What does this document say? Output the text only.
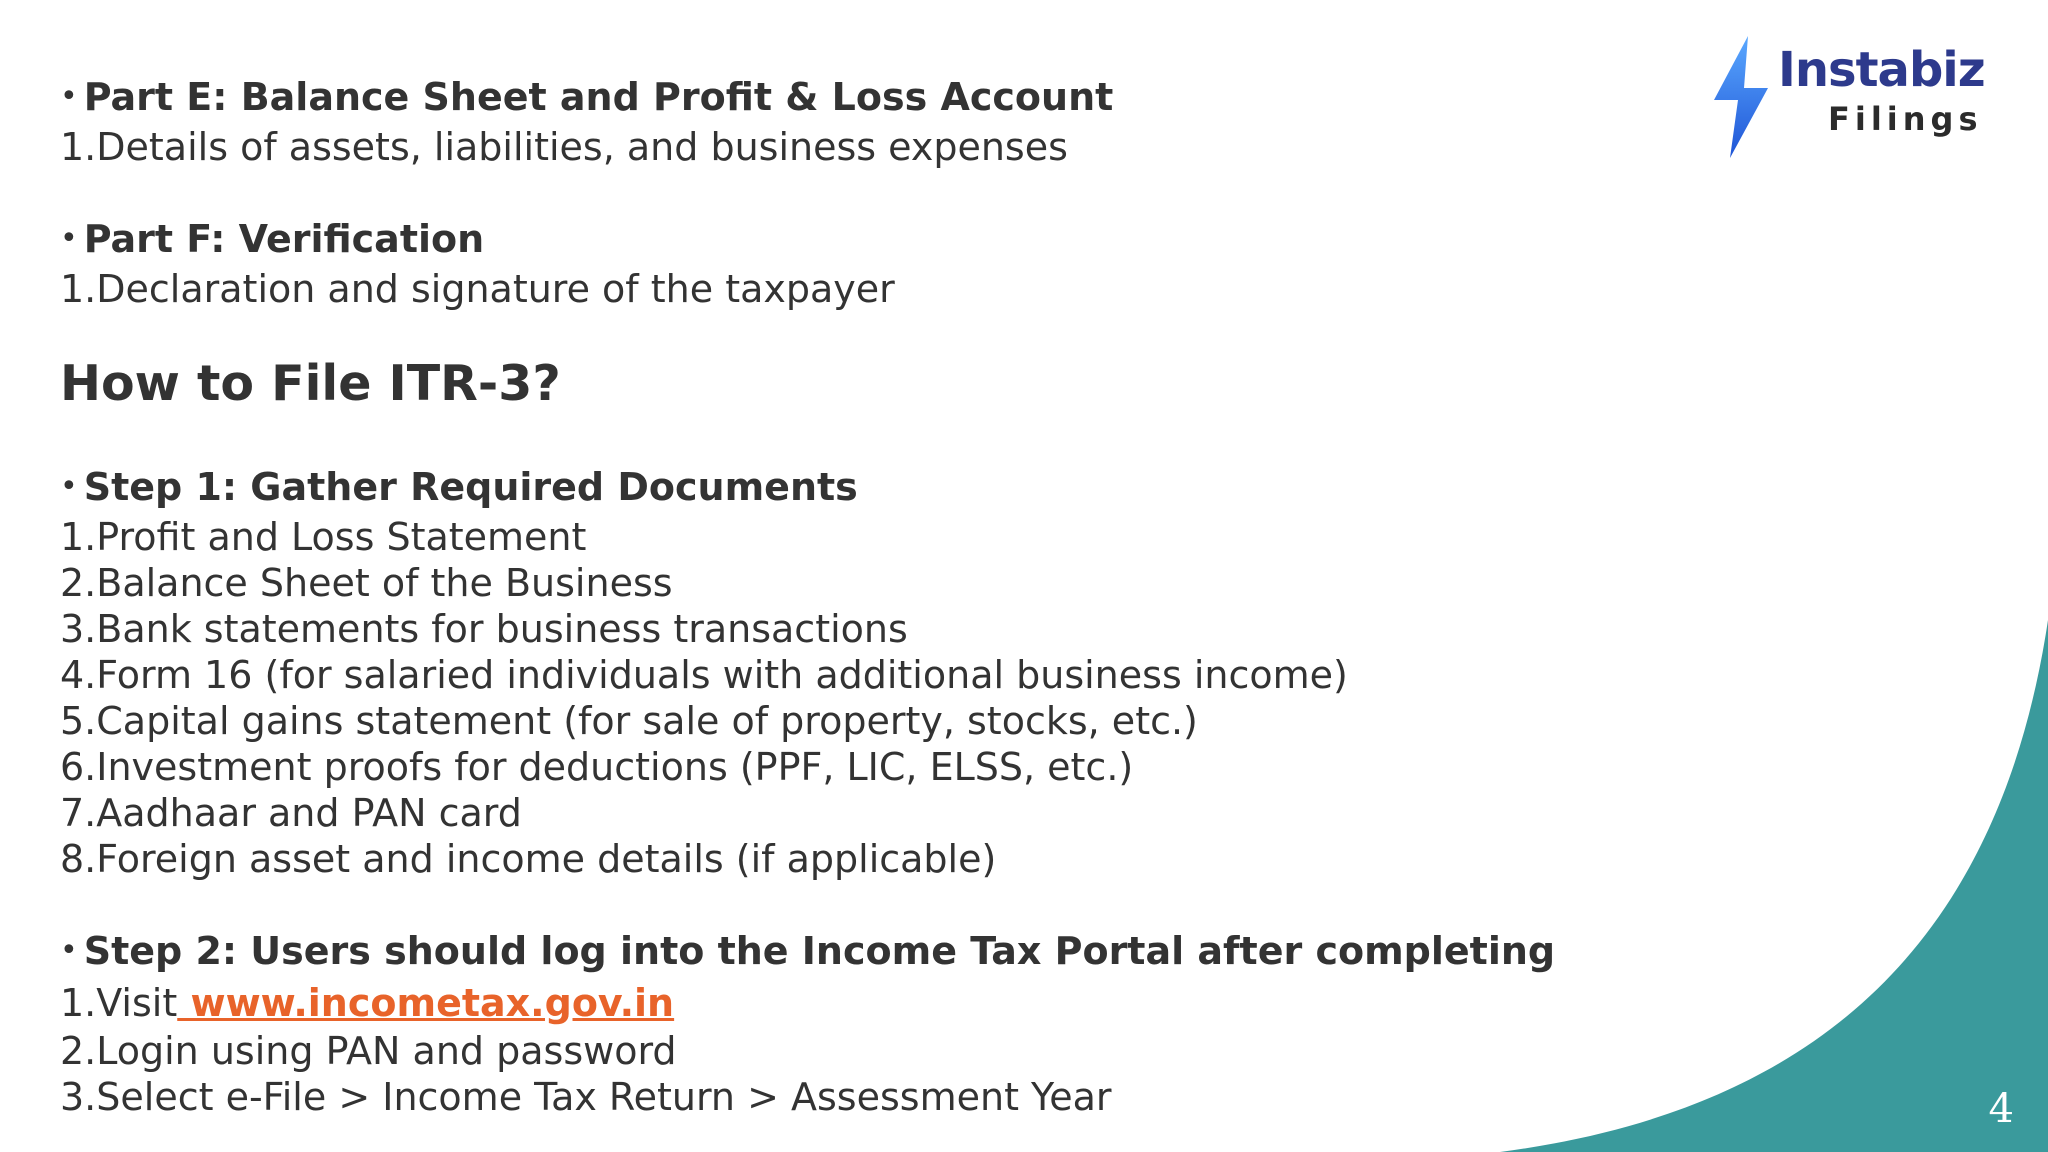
Instabiz
Filings
• Part E: Balance Sheet and Profit & Loss Account
1.Details of assets, liabilities, and business expenses
• Part F: Verification
1.Declaration and signature of the taxpayer
How to File ITR-3?
• Step 1: Gather Required Documents
1.Profit and Loss Statement
2.Balance Sheet of the Business
3.Bank statements for business transactions
4.Form 16 (for salaried individuals with additional business income)
5.Capital gains statement (for sale of property, stocks, etc.)
6.Investment proofs for deductions (PPF, LIC, ELSS, etc.)
7.Aadhaar and PAN card
8.Foreign asset and income details (if applicable)
• Step 2: Users should log into the Income Tax Portal after completing
1.Visit www.incometax.gov.in
2.Login using PAN and password
3.Select e-File > Income Tax Return > Assessment Year	4
